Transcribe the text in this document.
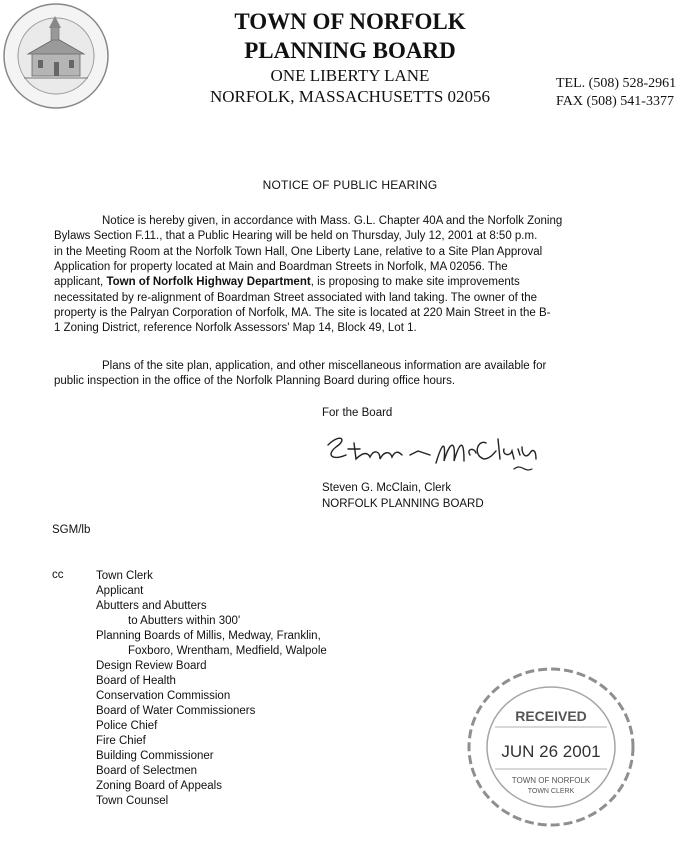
TOWN OF NORFOLK
PLANNING BOARD
ONE LIBERTY LANE
NORFOLK, MASSACHUSETTS 02056
TEL. (508) 528-2961
FAX (508) 541-3377
NOTICE OF PUBLIC HEARING
Notice is hereby given, in accordance with Mass. G.L. Chapter 40A and the Norfolk Zoning
Bylaws Section F.11., that a Public Hearing will be held on Thursday, July 12, 2001 at 8:50 p.m.
in the Meeting Room at the Norfolk Town Hall, One Liberty Lane, relative to a Site Plan Approval
Application for property located at Main and Boardman Streets in Norfolk, MA 02056. The
applicant, Town of Norfolk Highway Department, is proposing to make site improvements
necessitated by re-alignment of Boardman Street associated with land taking. The owner of the
property is the Palryan Corporation of Norfolk, MA. The site is located at 220 Main Street in the B-
1 Zoning District, reference Norfolk Assessors' Map 14, Block 49, Lot 1.
Plans of the site plan, application, and other miscellaneous information are available for
public inspection in the office of the Norfolk Planning Board during office hours.
For the Board
Steven G. McClain, Clerk
NORFOLK PLANNING BOARD
SGM/lb
cc	Town Clerk
Applicant
Abutters and Abutters
to Abutters within 300'
Planning Boards of Millis, Medway, Franklin,
Foxboro, Wrentham, Medfield, Walpole
Design Review Board
Board of Health
Conservation Commission
Board of Water Commissioners
Police Chief
Fire Chief
Building Commissioner
Board of Selectmen
Zoning Board of Appeals
Town Counsel
RECEIVED
JUN 26 2001
TOWN OF NORFOLK
TOWN CLERK
